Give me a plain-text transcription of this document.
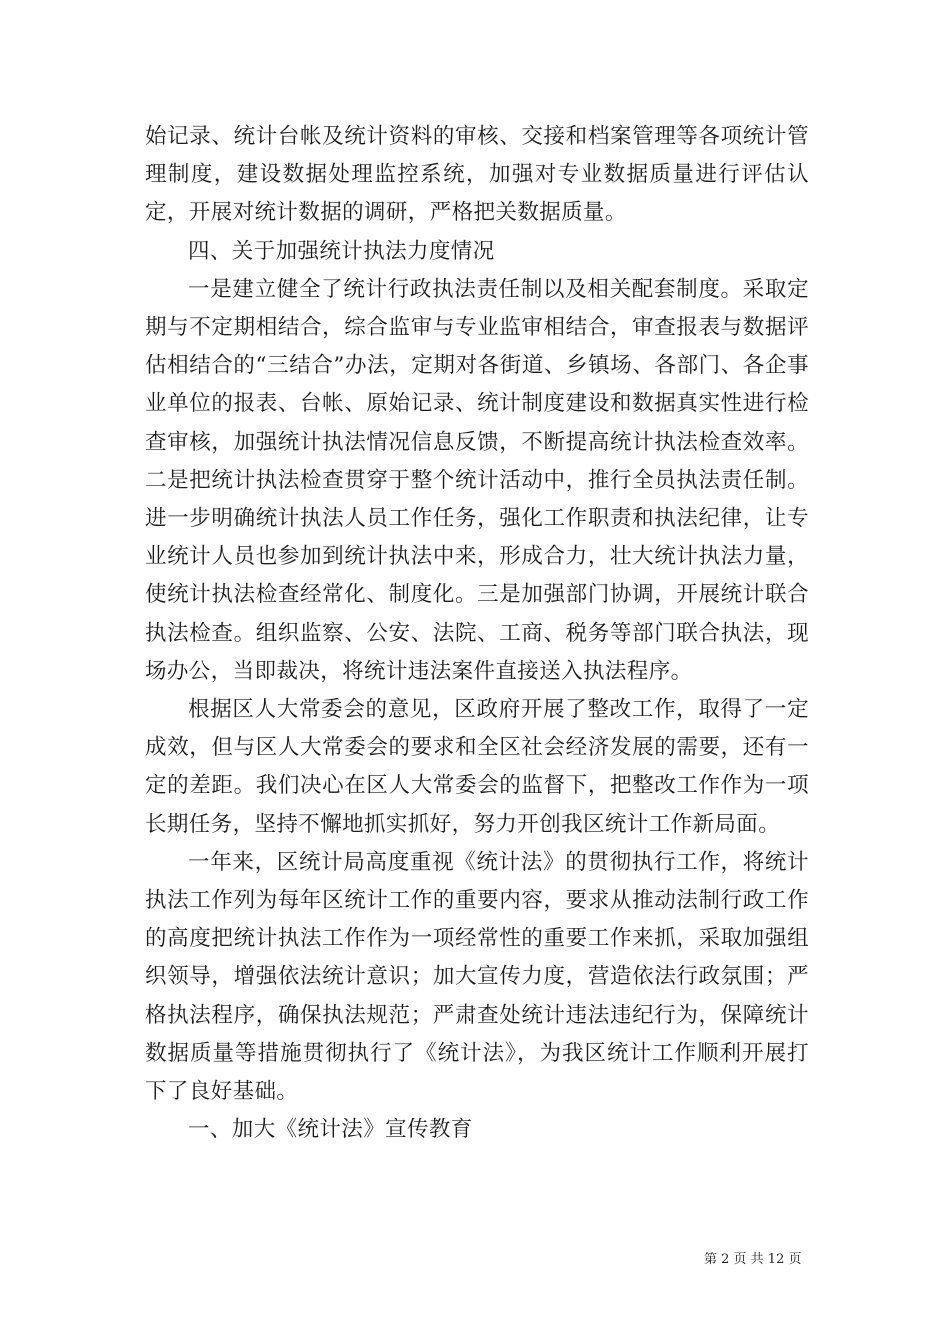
始记录、统计台帐及统计资料的审核、交接和档案管理等各项统计管理制度，建设数据处理监控系统，加强对专业数据质量进行评估认定，开展对统计数据的调研，严格把关数据质量。

四、关于加强统计执法力度情况

一是建立健全了统计行政执法责任制以及相关配套制度。采取定期与不定期相结合，综合监审与专业监审相结合，审查报表与数据评估相结合的“三结合”办法，定期对各街道、乡镇场、各部门、各企事业单位的报表、台帐、原始记录、统计制度建设和数据真实性进行检查审核，加强统计执法情况信息反馈，不断提高统计执法检查效率。二是把统计执法检查贯穿于整个统计活动中，推行全员执法责任制。进一步明确统计执法人员工作任务，强化工作职责和执法纪律，让专业统计人员也参加到统计执法中来，形成合力，壮大统计执法力量，使统计执法检查经常化、制度化。三是加强部门协调，开展统计联合执法检查。组织监察、公安、法院、工商、税务等部门联合执法，现场办公，当即裁决，将统计违法案件直接送入执法程序。

根据区人大常委会的意见，区政府开展了整改工作，取得了一定成效，但与区人大常委会的要求和全区社会经济发展的需要，还有一定的差距。我们决心在区人大常委会的监督下，把整改工作作为一项长期任务，坚持不懈地抓实抓好，努力开创我区统计工作新局面。

一年来，区统计局高度重视《统计法》的贯彻执行工作，将统计执法工作列为每年区统计工作的重要内容，要求从推动法制行政工作的高度把统计执法工作作为一项经常性的重要工作来抓，采取加强组织领导，增强依法统计意识；加大宣传力度，营造依法行政氛围；严格执法程序，确保执法规范；严肃查处统计违法违纪行为，保障统计数据质量等措施贯彻执行了《统计法》，为我区统计工作顺利开展打下了良好基础。

一、加大《统计法》宣传教育

第 2 页 共 12 页
